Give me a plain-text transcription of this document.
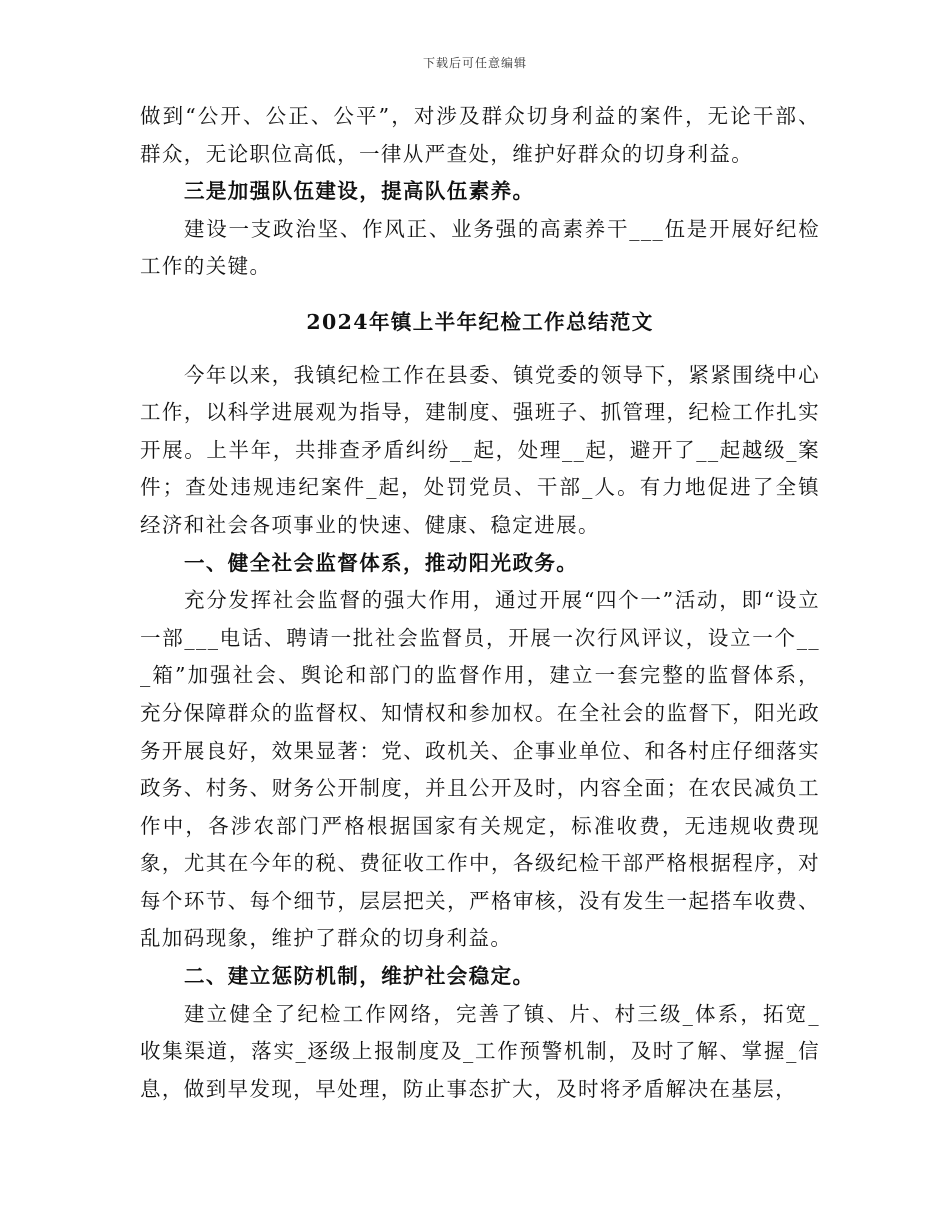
下载后可任意编辑

做到“公开、公正、公平”，对涉及群众切身利益的案件，无论干部、群众，无论职位高低，一律从严查处，维护好群众的切身利益。

三是加强队伍建设，提高队伍素养。

建设一支政治坚、作风正、业务强的高素养干___伍是开展好纪检工作的关键。

2024年镇上半年纪检工作总结范文

今年以来，我镇纪检工作在县委、镇党委的领导下，紧紧围绕中心工作，以科学进展观为指导，建制度、强班子、抓管理，纪检工作扎实开展。上半年，共排查矛盾纠纷__起，处理__起，避开了__起越级_案件；查处违规违纪案件_起，处罚党员、干部_人。有力地促进了全镇经济和社会各项事业的快速、健康、稳定进展。

一、健全社会监督体系，推动阳光政务。

充分发挥社会监督的强大作用，通过开展“四个一”活动，即“设立一部___电话、聘请一批社会监督员，开展一次行风评议，设立一个___箱”加强社会、舆论和部门的监督作用，建立一套完整的监督体系，充分保障群众的监督权、知情权和参加权。在全社会的监督下，阳光政务开展良好，效果显著：党、政机关、企事业单位、和各村庄仔细落实政务、村务、财务公开制度，并且公开及时，内容全面；在农民减负工作中，各涉农部门严格根据国家有关规定，标准收费，无违规收费现象，尤其在今年的税、费征收工作中，各级纪检干部严格根据程序，对每个环节、每个细节，层层把关，严格审核，没有发生一起搭车收费、乱加码现象，维护了群众的切身利益。

二、建立惩防机制，维护社会稳定。

建立健全了纪检工作网络，完善了镇、片、村三级_体系，拓宽_收集渠道，落实_逐级上报制度及_工作预警机制，及时了解、掌握_信息，做到早发现，早处理，防止事态扩大，及时将矛盾解决在基层，
